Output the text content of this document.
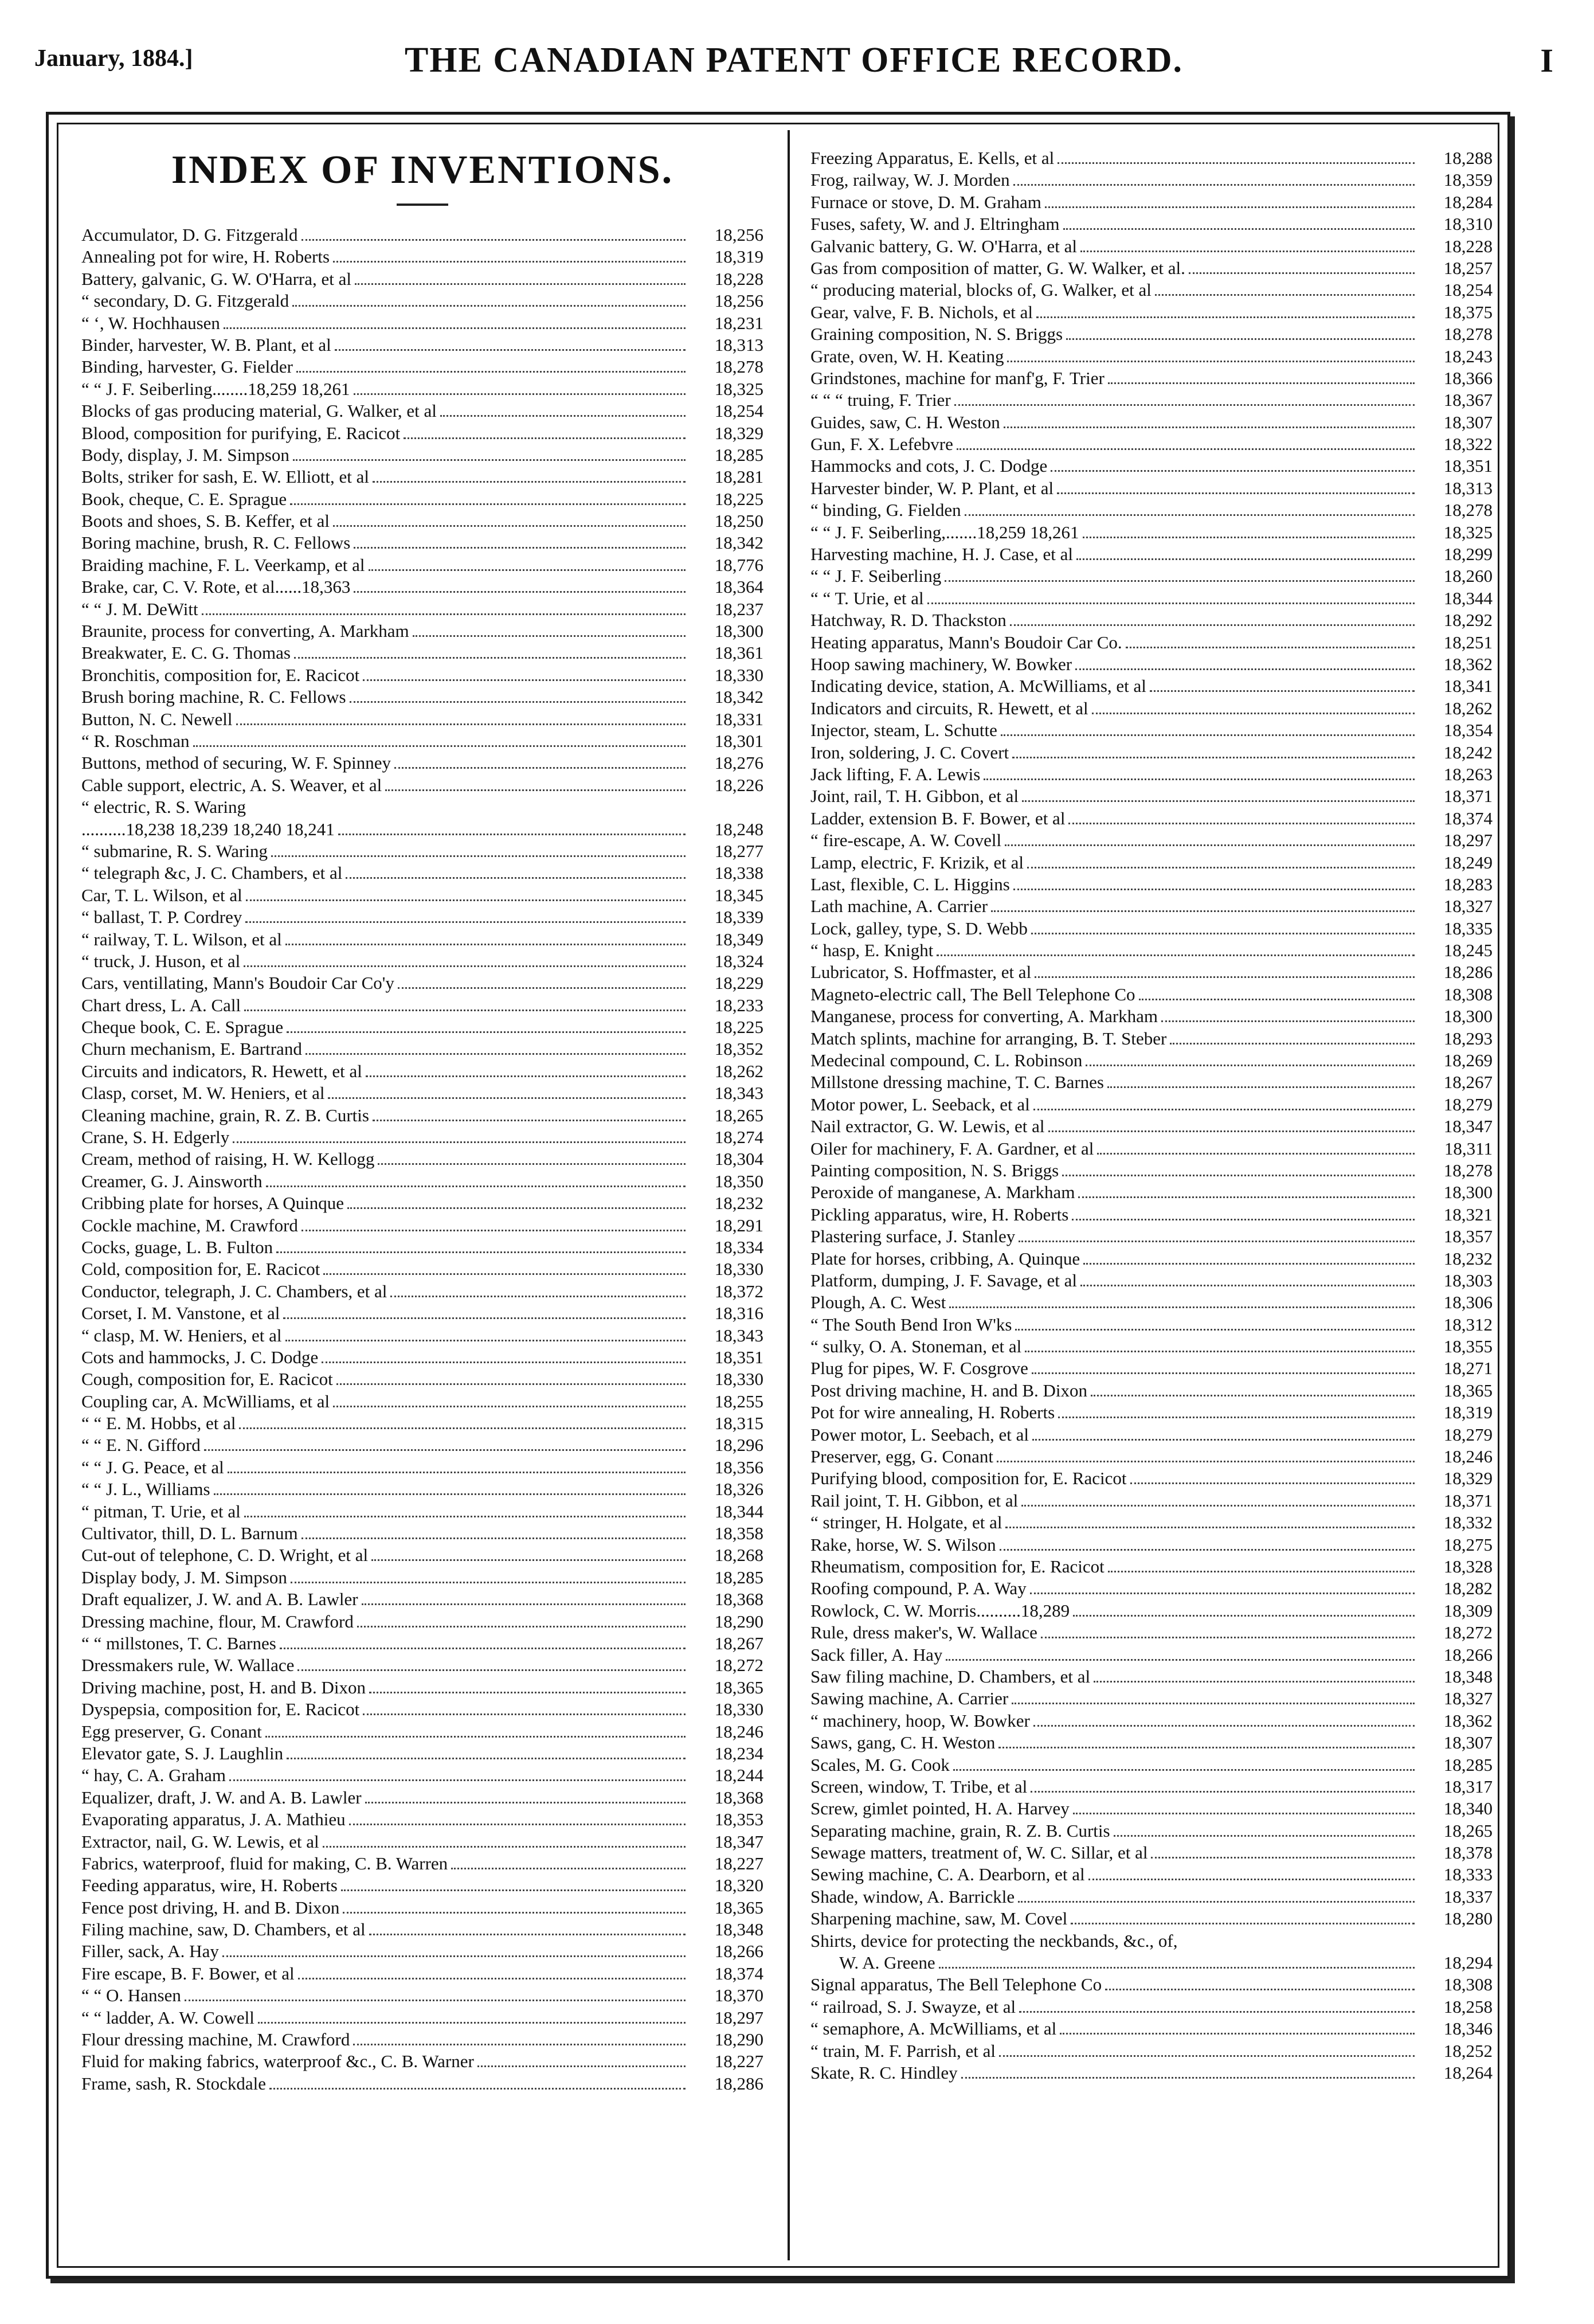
January, 1884.]	THE CANADIAN PATENT OFFICE RECORD.	I
INDEX OF INVENTIONS.
Accumulator, D. G. Fitzgerald	18,256
Annealing pot for wire, H. Roberts	18,319
Battery, galvanic, G. W. O'Harra, et al	18,228
“ secondary, D. G. Fitzgerald	18,256
“ ‘, W. Hochhausen	18,231
Binder, harvester, W. B. Plant, et al	18,313
Binding, harvester, G. Fielder	18,278
“ “ J. F. Seiberling........18,259 18,261	18,325
Blocks of gas producing material, G. Walker, et al	18,254
Blood, composition for purifying, E. Racicot	18,329
Body, display, J. M. Simpson	18,285
Bolts, striker for sash, E. W. Elliott, et al	18,281
Book, cheque, C. E. Sprague	18,225
Boots and shoes, S. B. Keffer, et al	18,250
Boring machine, brush, R. C. Fellows	18,342
Braiding machine, F. L. Veerkamp, et al	18,776
Brake, car, C. V. Rote, et al......18,363	18,364
“ “ J. M. DeWitt	18,237
Braunite, process for converting, A. Markham	18,300
Breakwater, E. C. G. Thomas	18,361
Bronchitis, composition for, E. Racicot	18,330
Brush boring machine, R. C. Fellows	18,342
Button, N. C. Newell	18,331
“ R. Roschman	18,301
Buttons, method of securing, W. F. Spinney	18,276
Cable support, electric, A. S. Weaver, et al	18,226
“ electric, R. S. Waring
..........18,238 18,239 18,240 18,241	18,248
“ submarine, R. S. Waring	18,277
“ telegraph &c, J. C. Chambers, et al	18,338
Car, T. L. Wilson, et al	18,345
“ ballast, T. P. Cordrey	18,339
“ railway, T. L. Wilson, et al	18,349
“ truck, J. Huson, et al	18,324
Cars, ventillating, Mann's Boudoir Car Co'y	18,229
Chart dress, L. A. Call	18,233
Cheque book, C. E. Sprague	18,225
Churn mechanism, E. Bartrand	18,352
Circuits and indicators, R. Hewett, et al	18,262
Clasp, corset, M. W. Heniers, et al	18,343
Cleaning machine, grain, R. Z. B. Curtis	18,265
Crane, S. H. Edgerly	18,274
Cream, method of raising, H. W. Kellogg	18,304
Creamer, G. J. Ainsworth	18,350
Cribbing plate for horses, A Quinque	18,232
Cockle machine, M. Crawford	18,291
Cocks, guage, L. B. Fulton	18,334
Cold, composition for, E. Racicot	18,330
Conductor, telegraph, J. C. Chambers, et al	18,372
Corset, I. M. Vanstone, et al	18,316
“ clasp, M. W. Heniers, et al	18,343
Cots and hammocks, J. C. Dodge	18,351
Cough, composition for, E. Racicot	18,330
Coupling car, A. McWilliams, et al	18,255
“ “ E. M. Hobbs, et al	18,315
“ “ E. N. Gifford	18,296
“ “ J. G. Peace, et al	18,356
“ “ J. L., Williams	18,326
“ pitman, T. Urie, et al	18,344
Cultivator, thill, D. L. Barnum	18,358
Cut-out of telephone, C. D. Wright, et al	18,268
Display body, J. M. Simpson	18,285
Draft equalizer, J. W. and A. B. Lawler	18,368
Dressing machine, flour, M. Crawford	18,290
“ “ millstones, T. C. Barnes	18,267
Dressmakers rule, W. Wallace	18,272
Driving machine, post, H. and B. Dixon	18,365
Dyspepsia, composition for, E. Racicot	18,330
Egg preserver, G. Conant	18,246
Elevator gate, S. J. Laughlin	18,234
“ hay, C. A. Graham	18,244
Equalizer, draft, J. W. and A. B. Lawler	18,368
Evaporating apparatus, J. A. Mathieu	18,353
Extractor, nail, G. W. Lewis, et al	18,347
Fabrics, waterproof, fluid for making, C. B. Warren	18,227
Feeding apparatus, wire, H. Roberts	18,320
Fence post driving, H. and B. Dixon	18,365
Filing machine, saw, D. Chambers, et al	18,348
Filler, sack, A. Hay	18,266
Fire escape, B. F. Bower, et al	18,374
“ “ O. Hansen	18,370
“ “ ladder, A. W. Cowell	18,297
Flour dressing machine, M. Crawford	18,290
Fluid for making fabrics, waterproof &c., C. B. Warner	18,227
Frame, sash, R. Stockdale	18,286
Freezing Apparatus, E. Kells, et al	18,288
Frog, railway, W. J. Morden	18,359
Furnace or stove, D. M. Graham	18,284
Fuses, safety, W. and J. Eltringham	18,310
Galvanic battery, G. W. O'Harra, et al	18,228
Gas from composition of matter, G. W. Walker, et al.	18,257
“ producing material, blocks of, G. Walker, et al	18,254
Gear, valve, F. B. Nichols, et al	18,375
Graining composition, N. S. Briggs	18,278
Grate, oven, W. H. Keating	18,243
Grindstones, machine for manf'g, F. Trier	18,366
“ “ “ truing, F. Trier	18,367
Guides, saw, C. H. Weston	18,307
Gun, F. X. Lefebvre	18,322
Hammocks and cots, J. C. Dodge	18,351
Harvester binder, W. P. Plant, et al	18,313
“ binding, G. Fielden	18,278
“ “ J. F. Seiberling,.......18,259 18,261	18,325
Harvesting machine, H. J. Case, et al	18,299
“ “ J. F. Seiberling	18,260
“ “ T. Urie, et al	18,344
Hatchway, R. D. Thackston	18,292
Heating apparatus, Mann's Boudoir Car Co.	18,251
Hoop sawing machinery, W. Bowker	18,362
Indicating device, station, A. McWilliams, et al	18,341
Indicators and circuits, R. Hewett, et al	18,262
Injector, steam, L. Schutte	18,354
Iron, soldering, J. C. Covert	18,242
Jack lifting, F. A. Lewis	18,263
Joint, rail, T. H. Gibbon, et al	18,371
Ladder, extension B. F. Bower, et al	18,374
“ fire-escape, A. W. Covell	18,297
Lamp, electric, F. Krizik, et al	18,249
Last, flexible, C. L. Higgins	18,283
Lath machine, A. Carrier	18,327
Lock, galley, type, S. D. Webb	18,335
“ hasp, E. Knight	18,245
Lubricator, S. Hoffmaster, et al	18,286
Magneto-electric call, The Bell Telephone Co	18,308
Manganese, process for converting, A. Markham	18,300
Match splints, machine for arranging, B. T. Steber	18,293
Medecinal compound, C. L. Robinson	18,269
Millstone dressing machine, T. C. Barnes	18,267
Motor power, L. Seeback, et al	18,279
Nail extractor, G. W. Lewis, et al	18,347
Oiler for machinery, F. A. Gardner, et al	18,311
Painting composition, N. S. Briggs	18,278
Peroxide of manganese, A. Markham	18,300
Pickling apparatus, wire, H. Roberts	18,321
Plastering surface, J. Stanley	18,357
Plate for horses, cribbing, A. Quinque	18,232
Platform, dumping, J. F. Savage, et al	18,303
Plough, A. C. West	18,306
“ The South Bend Iron W'ks	18,312
“ sulky, O. A. Stoneman, et al	18,355
Plug for pipes, W. F. Cosgrove	18,271
Post driving machine, H. and B. Dixon	18,365
Pot for wire annealing, H. Roberts	18,319
Power motor, L. Seebach, et al	18,279
Preserver, egg, G. Conant	18,246
Purifying blood, composition for, E. Racicot	18,329
Rail joint, T. H. Gibbon, et al	18,371
“ stringer, H. Holgate, et al	18,332
Rake, horse, W. S. Wilson	18,275
Rheumatism, composition for, E. Racicot	18,328
Roofing compound, P. A. Way	18,282
Rowlock, C. W. Morris..........18,289	18,309
Rule, dress maker's, W. Wallace	18,272
Sack filler, A. Hay	18,266
Saw filing machine, D. Chambers, et al	18,348
Sawing machine, A. Carrier	18,327
“ machinery, hoop, W. Bowker	18,362
Saws, gang, C. H. Weston	18,307
Scales, M. G. Cook	18,285
Screen, window, T. Tribe, et al	18,317
Screw, gimlet pointed, H. A. Harvey	18,340
Separating machine, grain, R. Z. B. Curtis	18,265
Sewage matters, treatment of, W. C. Sillar, et al	18,378
Sewing machine, C. A. Dearborn, et al	18,333
Shade, window, A. Barrickle	18,337
Sharpening machine, saw, M. Covel	18,280
Shirts, device for protecting the neckbands, &c., of,
W. A. Greene	18,294
Signal apparatus, The Bell Telephone Co	18,308
“ railroad, S. J. Swayze, et al	18,258
“ semaphore, A. McWilliams, et al	18,346
“ train, M. F. Parrish, et al	18,252
Skate, R. C. Hindley	18,264
